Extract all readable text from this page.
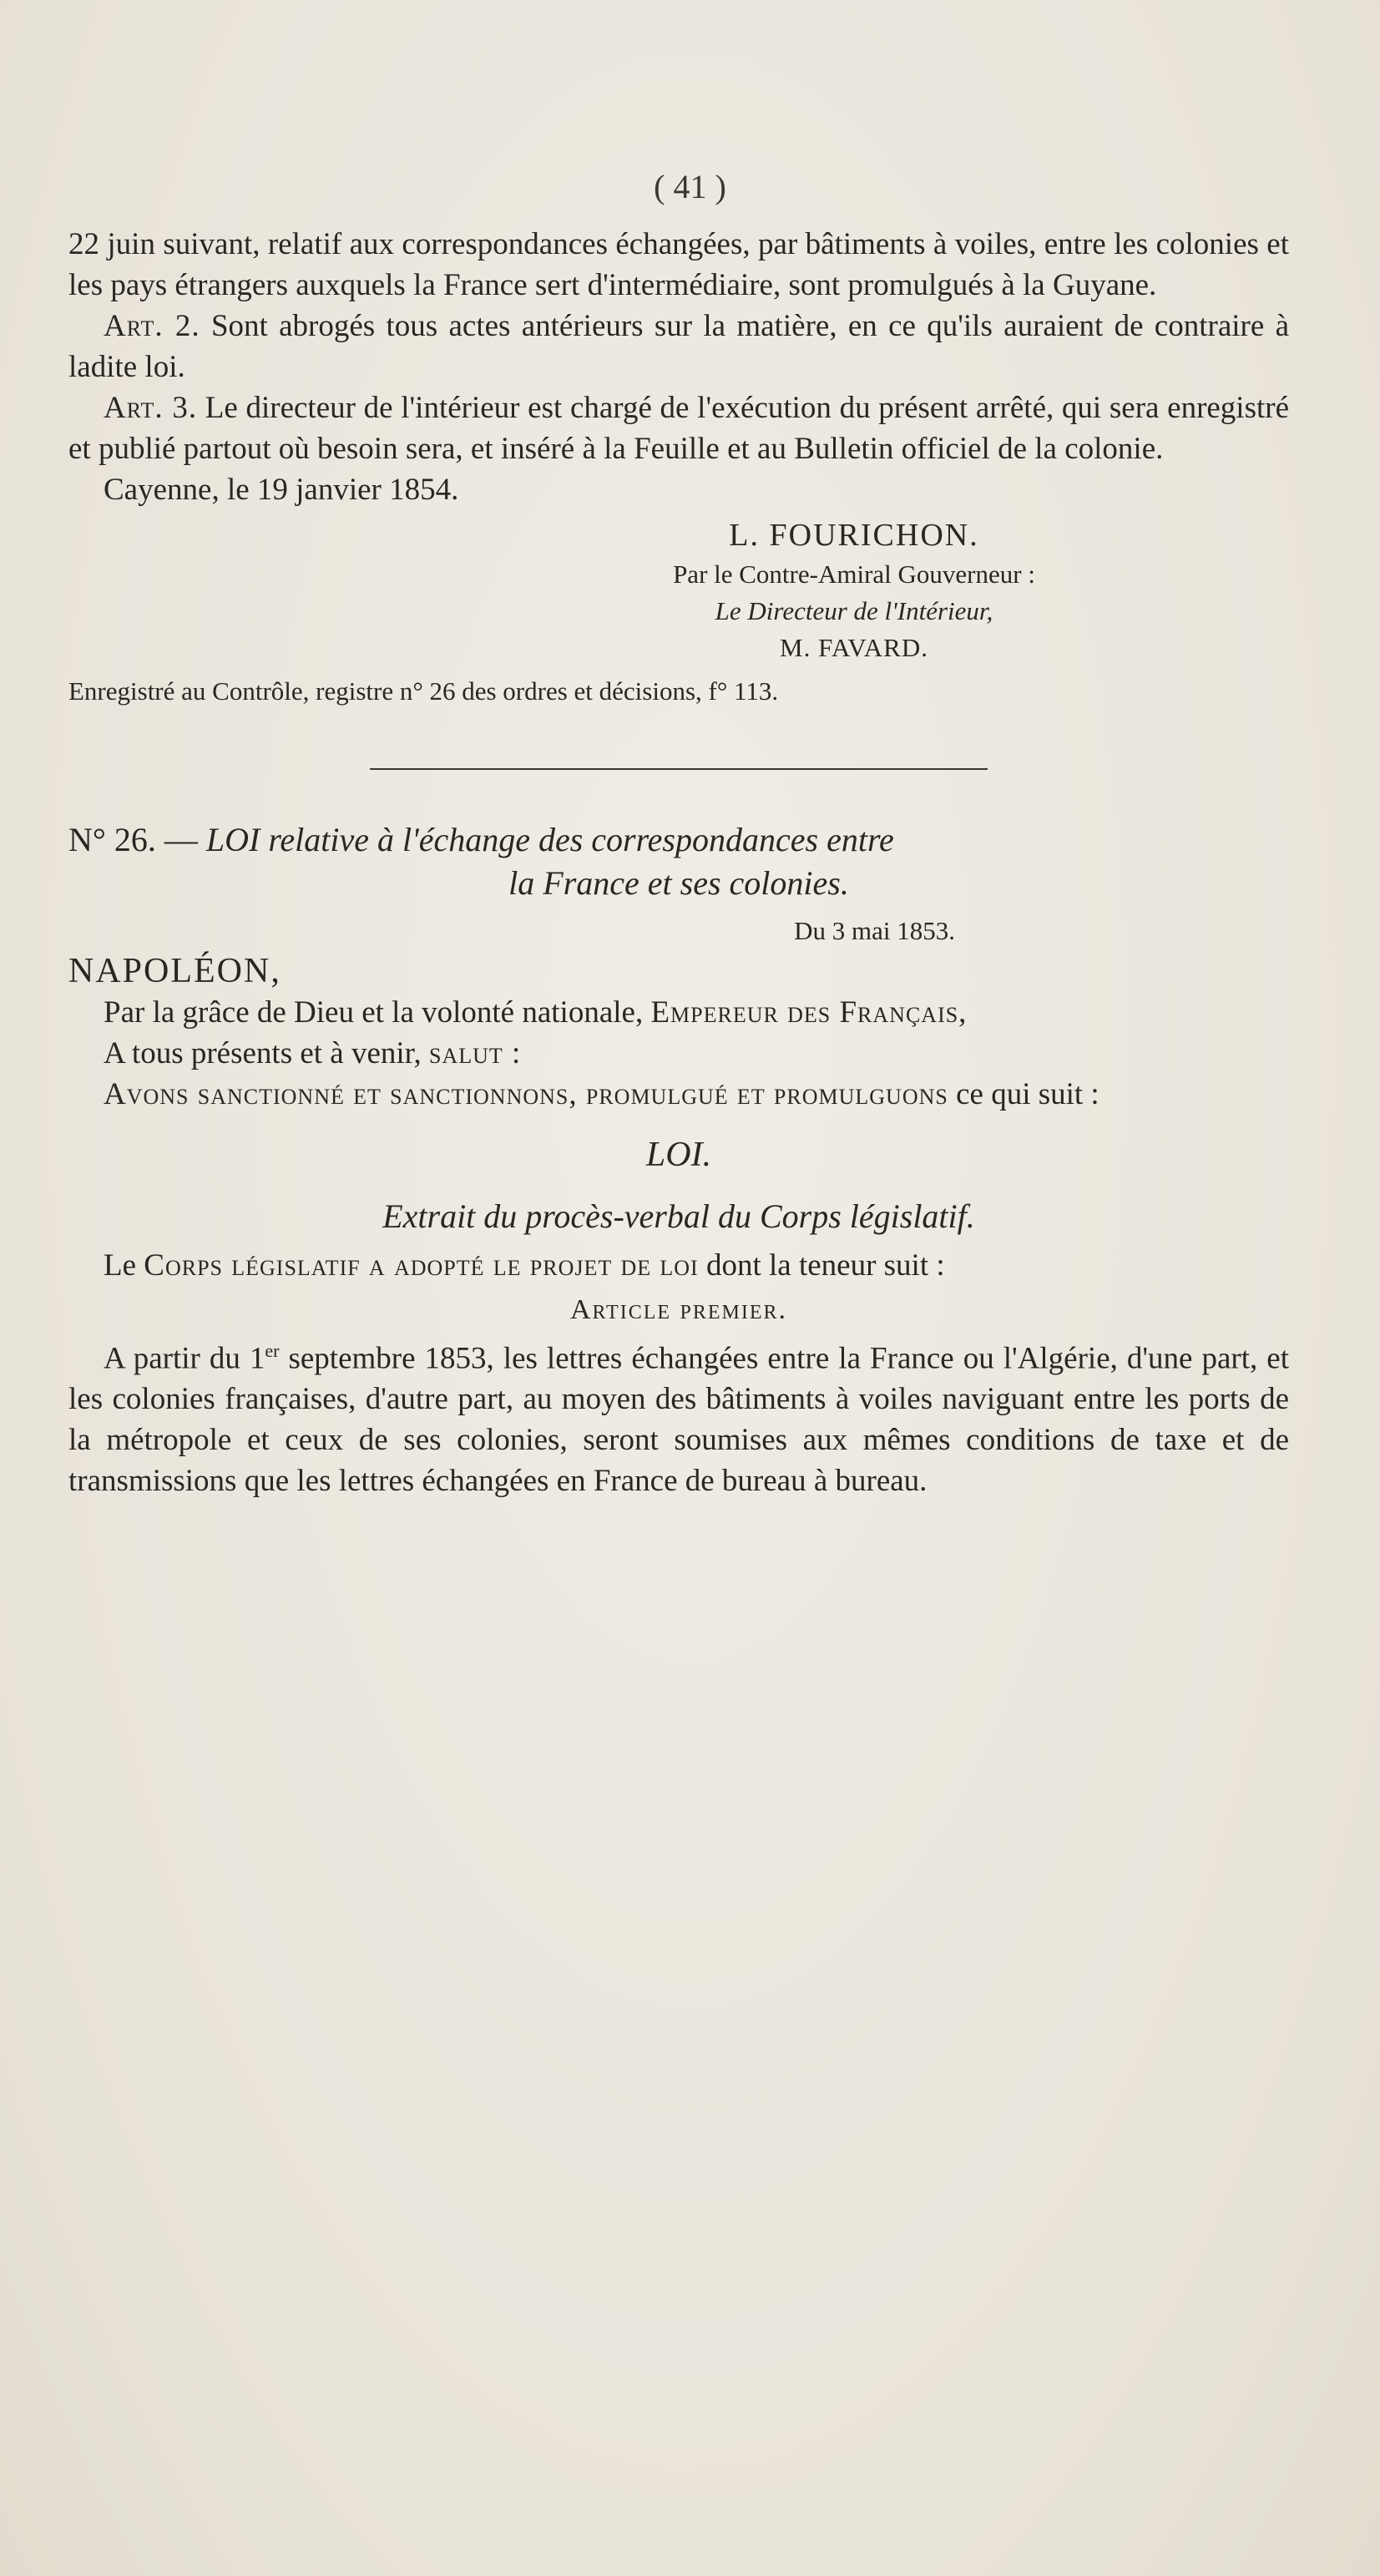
( 41 )

22 juin suivant, relatif aux correspondances échangées, par bâtiments à voiles, entre les colonies et les pays étrangers auxquels la France sert d'intermédiaire, sont promulgués à la Guyane.

Art. 2. Sont abrogés tous actes antérieurs sur la matière, en ce qu'ils auraient de contraire à ladite loi.

Art. 3. Le directeur de l'intérieur est chargé de l'exécution du présent arrêté, qui sera enregistré et publié partout où besoin sera, et inséré à la Feuille et au Bulletin officiel de la colonie.

Cayenne, le 19 janvier 1854.

L. FOURICHON.
Par le Contre-Amiral Gouverneur :
Le Directeur de l'Intérieur,
M. FAVARD.

Enregistré au Contrôle, registre n° 26 des ordres et décisions, f° 113.

N° 26. — LOI relative à l'échange des correspondances entre

la France et ses colonies.

Du 3 mai 1853.

NAPOLÉON,

Par la grâce de Dieu et la volonté nationale, Empereur des Français,

A tous présents et à venir, salut :

Avons sanctionné et sanctionnons, promulgué et promulguons ce qui suit :

LOI.
Extrait du procès-verbal du Corps législatif.

Le Corps législatif a adopté le projet de loi dont la teneur suit :

Article premier.

A partir du 1er septembre 1853, les lettres échangées entre la France ou l'Algérie, d'une part, et les colonies françaises, d'autre part, au moyen des bâtiments à voiles naviguant entre les ports de la métropole et ceux de ses colonies, seront soumises aux mêmes conditions de taxe et de transmissions que les lettres échangées en France de bureau à bureau.
